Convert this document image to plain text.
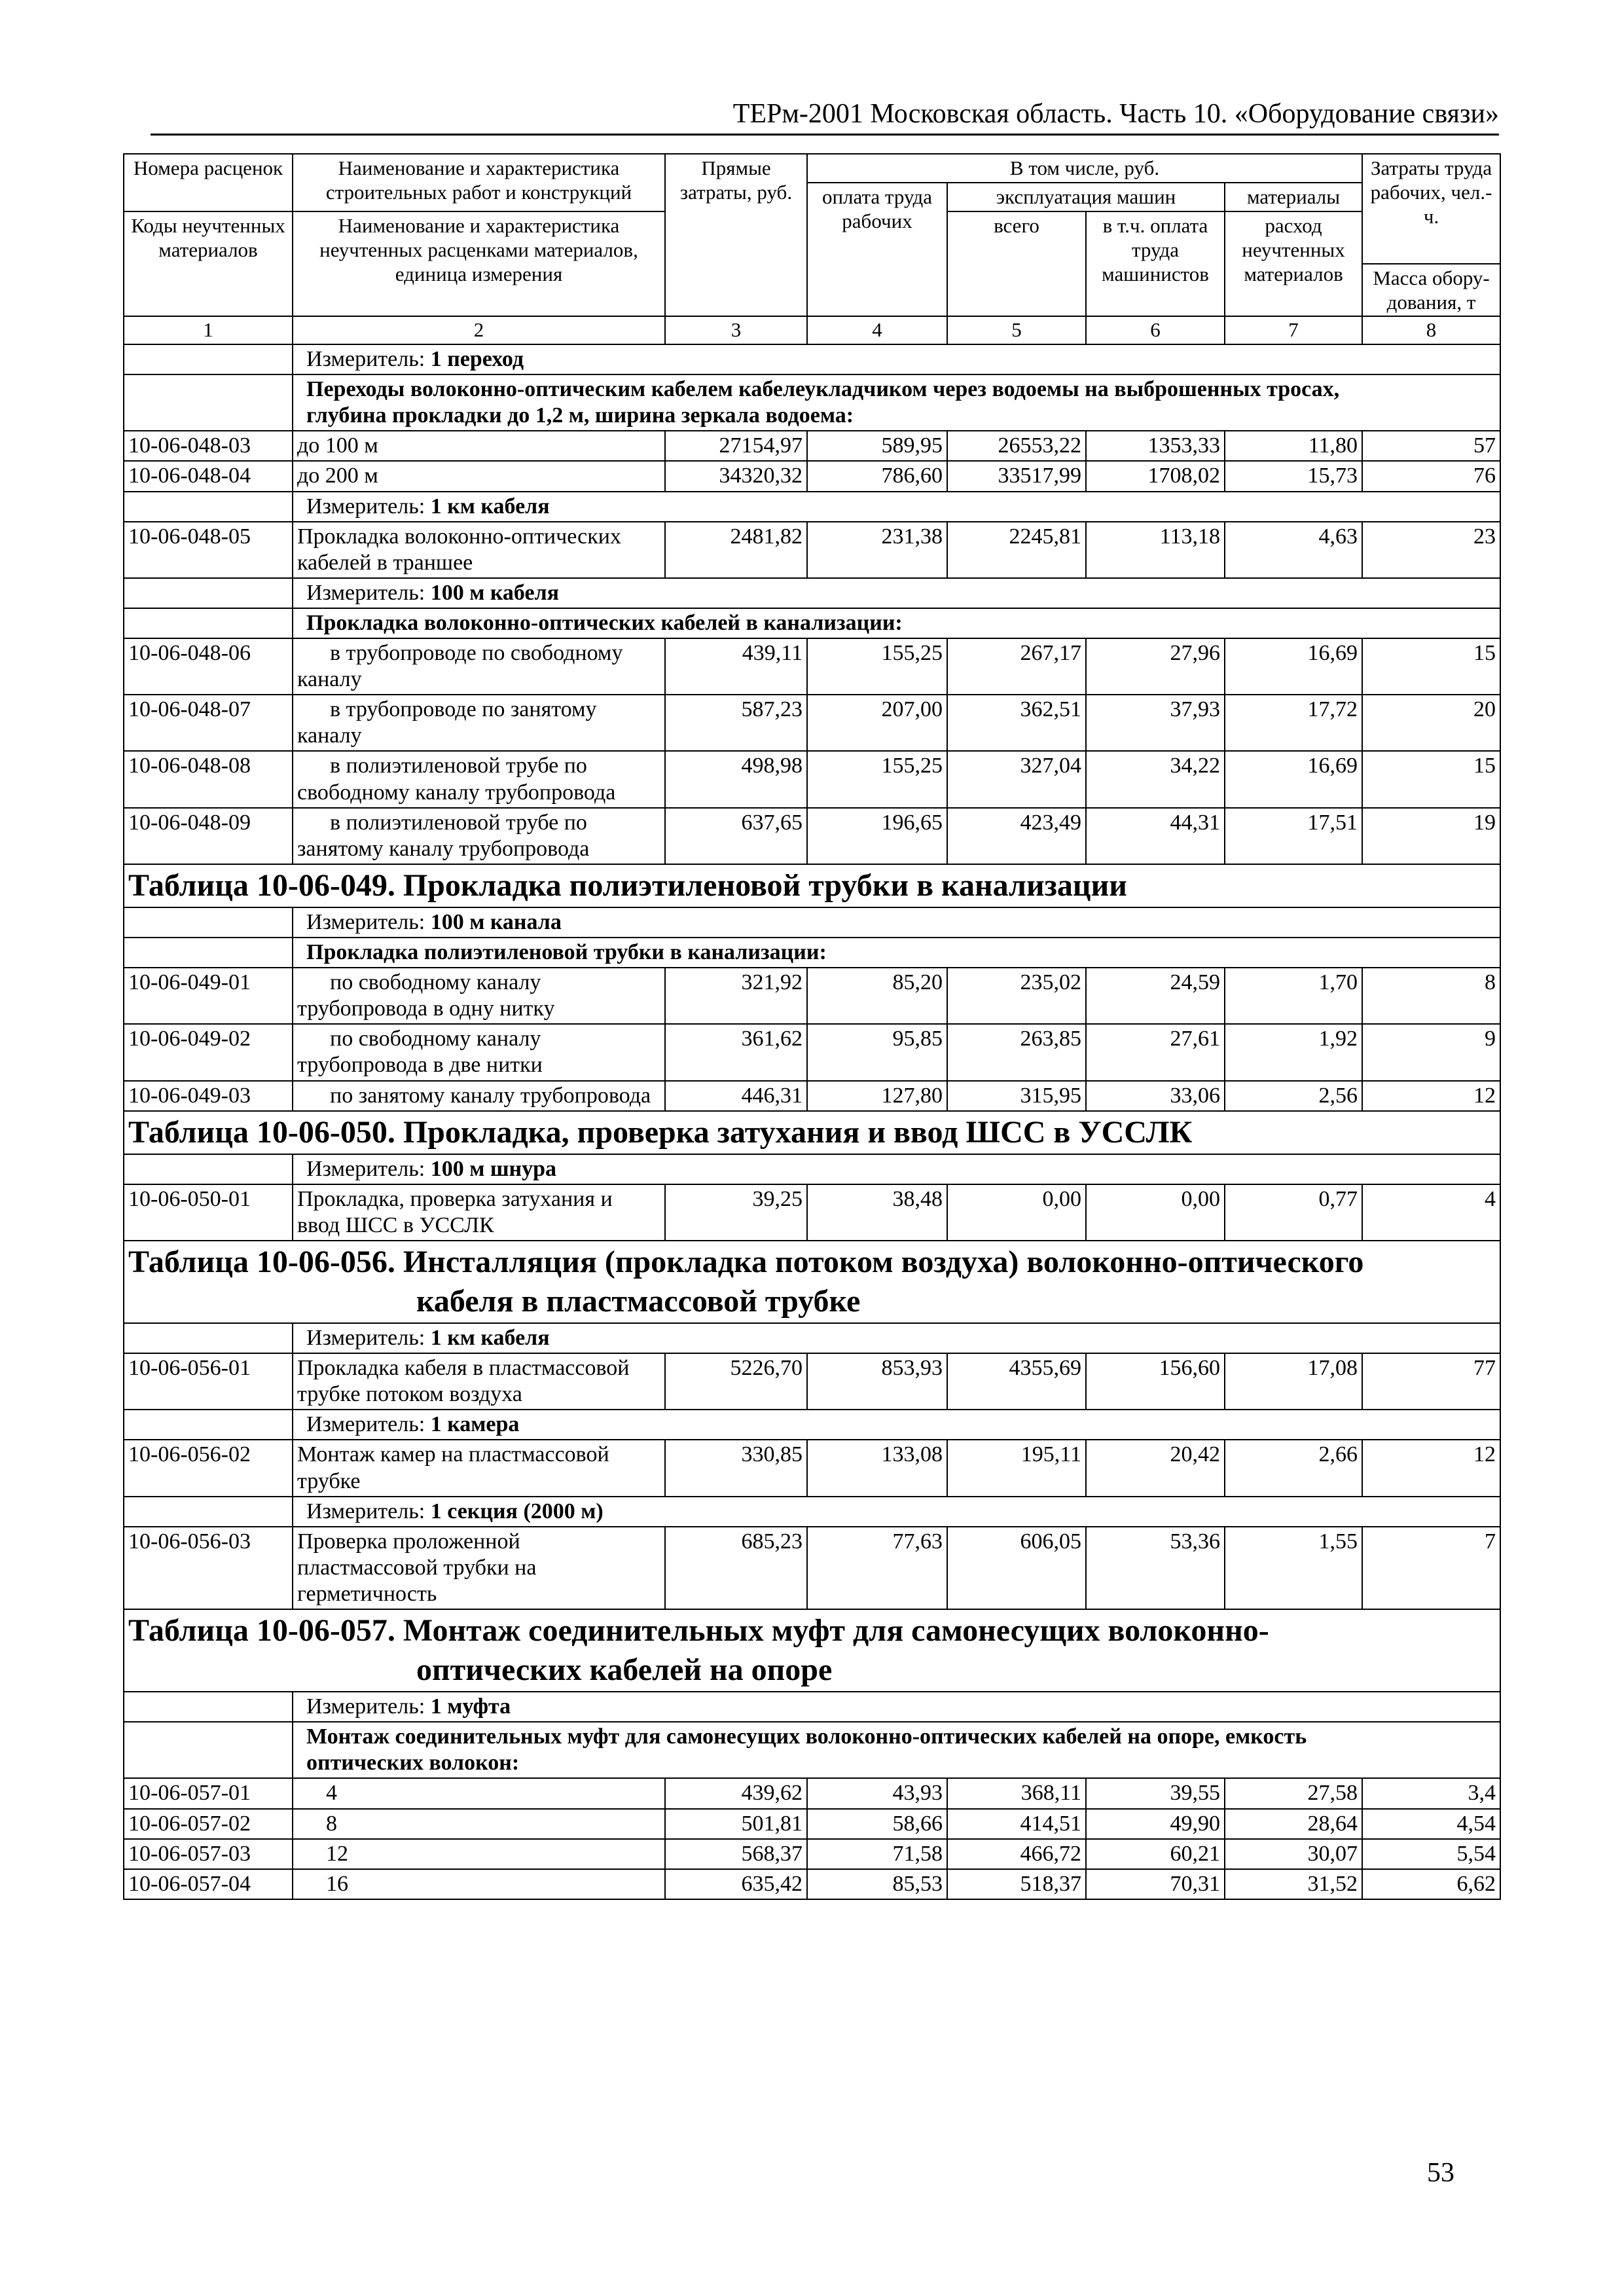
ТЕРм-2001 Московская область. Часть 10. «Оборудование связи»
Номера расценок	Наименование и характеристика строительных работ и конструкций	Прямые затраты, руб.	В том числе, руб.				Затраты труда рабочих, чел.-ч.
			оплата труда рабочих	эксплуатация машин		материалы	
Коды неучтенных материалов	Наименование и характеристика неучтенных расценками материалов, единица измерения			всего	в т.ч. оплата труда машинистов	расход неучтенных материалов	
							Масса обору-дования, т
1	2	3	4	5	6	7	8
	Измеритель: 1 переход						
	Переходы волоконно-оптическим кабелем кабелеукладчиком через водоемы на выброшенных тросах,
глубина прокладки до 1,2 м, ширина зеркала водоема:						
10-06-048-03	до 100 м	27154,97	589,95	26553,22	1353,33	11,80	57
10-06-048-04	до 200 м	34320,32	786,60	33517,99	1708,02	15,73	76
	Измеритель: 1 км кабеля						
10-06-048-05	Прокладка волоконно-оптических кабелей в траншее	2481,82	231,38	2245,81	113,18	4,63	23
	Измеритель: 100 м кабеля						
	Прокладка волоконно-оптических кабелей в канализации:						
10-06-048-06	в трубопроводе по свободному каналу	439,11	155,25	267,17	27,96	16,69	15
10-06-048-07	в трубопроводе по занятому каналу	587,23	207,00	362,51	37,93	17,72	20
10-06-048-08	в полиэтиленовой трубе по свободному каналу трубопровода	498,98	155,25	327,04	34,22	16,69	15
10-06-048-09	в полиэтиленовой трубе по занятому каналу трубопровода	637,65	196,65	423,49	44,31	17,51	19
Таблица 10-06-049. Прокладка полиэтиленовой трубки в канализации							
	Измеритель: 100 м канала						
	Прокладка полиэтиленовой трубки в канализации:						
10-06-049-01	по свободному каналу трубопровода в одну нитку	321,92	85,20	235,02	24,59	1,70	8
10-06-049-02	по свободному каналу трубопровода в две нитки	361,62	95,85	263,85	27,61	1,92	9
10-06-049-03	по занятому каналу трубопровода	446,31	127,80	315,95	33,06	2,56	12
Таблица 10-06-050. Прокладка, проверка затухания и ввод ШСС в УССЛК							
	Измеритель: 100 м шнура						
10-06-050-01	Прокладка, проверка затухания и ввод ШСС в УССЛК	39,25	38,48	0,00	0,00	0,77	4
Таблица 10-06-056. Инсталляция (прокладка потоком воздуха) волоконно-оптического
кабеля в пластмассовой трубке							

	Измеритель: 1 км кабеля						
10-06-056-01	Прокладка кабеля в пластмассовой трубке потоком воздуха	5226,70	853,93	4355,69	156,60	17,08	77
	Измеритель: 1 камера						
10-06-056-02	Монтаж камер на пластмассовой трубке	330,85	133,08	195,11	20,42	2,66	12
	Измеритель: 1 секция (2000 м)						
10-06-056-03	Проверка проложенной пластмассовой трубки на герметичность	685,23	77,63	606,05	53,36	1,55	7
Таблица 10-06-057. Монтаж соединительных муфт для самонесущих волоконно-
оптических кабелей на опоре							

	Измеритель: 1 муфта						
	Монтаж соединительных муфт для самонесущих волоконно-оптических кабелей на опоре, емкость
оптических волокон:						
10-06-057-01	4	439,62	43,93	368,11	39,55	27,58	3,4
10-06-057-02	8	501,81	58,66	414,51	49,90	28,64	4,54
10-06-057-03	12	568,37	71,58	466,72	60,21	30,07	5,54
10-06-057-04	16	635,42	85,53	518,37	70,31	31,52	6,62
53
